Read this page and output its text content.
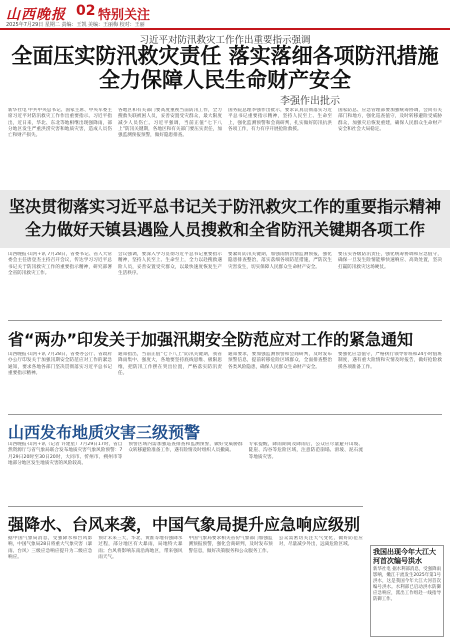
山西晚报 02 特别关注
2025年7月29日 星期二 责编：王凯 美编：王丽梅 校对：王丽
习近平对防汛救灾工作作出重要指示强调
全面压实防汛救灾责任 落实落细各项防汛措施
全力保障人民生命财产安全
李强作出批示
新华社电 中共中央总书记、国家主席、中央军委主席习近平对防汛救灾工作作出重要指示。习近平指出，近日来，华北、东北等地相继出现强降雨，部分地区发生严重洪涝灾害和地质灾害，造成人员伤亡和财产损失。
各地区和有关部门要高度重视当前防汛工作，全力搜救失联被困人员，妥善安置受灾群众，最大限度减少人员伤亡。习近平强调，当前正值“七下八上”防汛关键期，各地区和有关部门要压实责任，加强监测预报预警，做好隐患排查。
国务院总理李强作出批示，要求认真贯彻落实习近平总书记重要指示精神，坚持人民至上、生命至上，强化监测预警和会商研判，扎实做好防汛抗洪各项工作，有力有序开展抢险救援。
国家防总、应急管理部要加强统筹协调，会同有关部门和地方，强化巡查值守，及时转移避险受威胁群众，加强灾后恢复重建，确保人民群众生命财产安全和社会大局稳定。
坚决贯彻落实习近平总书记关于防汛救灾工作的重要指示精神
全力做好天镇县遇险人员搜救和全省防汛关键期各项工作
山西晚报·山河+讯 7月28日，省委书记、省人大常委会主任唐登杰主持召开会议，传达学习习近平总书记关于防汛救灾工作的重要指示精神，研究部署全省防汛救灾工作。
会议强调，要深入学习贯彻习近平总书记重要指示精神，坚持人民至上、生命至上，全力以赴搜救遇险人员，妥善安置受灾群众，以最快速度恢复生产生活秩序。
要紧盯防汛关键期，加强雨情汛情监测预报，强化隐患排查整治，落实落细各项防范措施，严防次生灾害发生，切实保障人民群众生命财产安全。
要压实各级防汛责任，强化统筹协调和应急值守，确保一旦发生险情能够快速响应、高效处置，坚决打赢防汛救灾这场硬仗。
省“两办”印发关于加强汛期安全防范应对工作的紧急通知
山西晚报·山河+讯 7月28日，省委办公厅、省政府办公厅印发关于加强汛期安全防范应对工作的紧急通知，要求各地各部门坚决贯彻落实习近平总书记重要指示精神。
通知指出，当前正值“七下八上”防汛关键期，我省降雨集中、强度大，各地要坚持底线思维、极限思维，把防汛工作摆在突出位置，严格落实防汛责任。
通知要求，要加强监测预警和会商研判，及时发布预警信息，提前转移危险区域群众，全面排查整治各类风险隐患，确保人民群众生命财产安全。
要强化应急值守，严格执行领导带班和24小时值班制度，遇有重大险情和灾情及时报告，做好抢险救援各项准备工作。
山西发布地质灾害三级预警
山西晚报·山河+讯（记者 许建星）7月29日17时，省自然资源厅与省气象局联合发布地质灾害气象风险预警：7月29日20时至30日20时，大同市、忻州市、朔州市等地部分地区发生地质灾害的风险较高。
预警区域内需加强巡查排查和监测预警，做好受威胁群众转移避险准备工作，遇有险情及时组织人员撤离。
专家提醒，降雨期间及降雨后，公众应尽量避开山坡、陡崖、沟谷等危险区域，注意防范崩塌、滑坡、泥石流等地质灾害。
强降水、台风来袭，中国气象局提升应急响应级别
据中国气象局消息，受强降水和台风影响，中国气象局28日将重大气象灾害（暴雨、台风）三级应急响应提升为二级应急响应。
预计未来三天，华北、黄淮等地有强降水过程，部分地区有大暴雨，局地特大暴雨；台风将影响东南沿海地区，带来强风雨天气。
中国气象局要求相关省份气象部门加强监测预报预警，强化会商研判，及时发布预警信息，做好决策服务和公众服务工作。
公众需密切关注天气变化，做好防范应对，尽量减少外出，远离危险区域。
我国出现今年大江大河首次编号洪水
新华社电 据水利部消息，受强降雨影响，嫩江干流发生2025年第1号洪水，这是我国今年大江大河首次编号洪水。水利部已启动洪水防御应急响应，派出工作组赴一线指导防御工作。
